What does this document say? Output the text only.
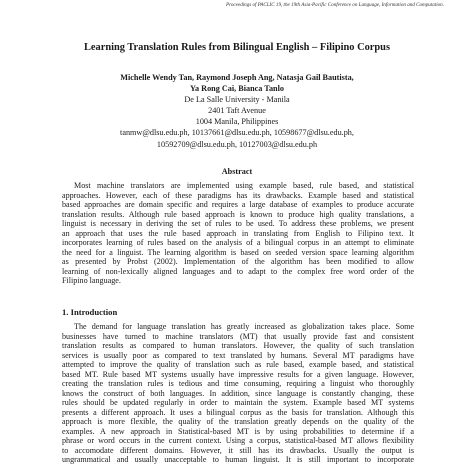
Proceedings of PACLIC 19, the 19th Asia-Pacific Conference on Language, Information and Computation.
Learning Translation Rules from Bilingual English – Filipino Corpus
Michelle Wendy Tan, Raymond Joseph Ang, Natasja Gail Bautista,
Ya Rong Cai, Bianca Tanlo
De La Salle University - Manila
2401 Taft Avenue
1004 Manila, Philippines
tanmw@dlsu.edu.ph, 10137661@dlsu.edu.ph, 10598677@dlsu.edu.ph,
10592709@dlsu.edu.ph, 10127003@dlsu.edu.ph
Abstract
Most machine translators are implemented using example based, rule based, and statistical
approaches. However, each of these paradigms has its drawbacks. Example based and statistical
based approaches are domain specific and requires a large database of examples to produce accurate
translation results. Although rule based approach is known to produce high quality translations, a
linguist is necessary in deriving the set of rules to be used. To address these problems, we present
an approach that uses the rule based approach in translating from English to Filipino text. It
incorporates learning of rules based on the analysis of a bilingual corpus in an attempt to eliminate
the need for a linguist. The learning algorithm is based on seeded version space learning algorithm
as presented by Probst (2002). Implementation of the algorithm has been modified to allow
learning of non-lexically aligned languages and to adapt to the complex free word order of the
Filipino language.
1. Introduction
The demand for language translation has greatly increased as globalization takes place. Some
businesses have turned to machine translators (MT) that usually provide fast and consistent
translation results as compared to human translators. However, the quality of such translation
services is usually poor as compared to text translated by humans. Several MT paradigms have
attempted to improve the quality of translation such as rule based, example based, and statistical
based MT. Rule based MT systems usually have impressive results for a given language. However,
creating the translation rules is tedious and time consuming, requiring a linguist who thoroughly
knows the construct of both languages. In addition, since language is constantly changing, these
rules should be updated regularly in order to maintain the system. Example based MT systems
presents a different approach. It uses a bilingual corpus as the basis for translation. Although this
approach is more flexible, the quality of the translation greatly depends on the quality of the
examples. A new approach in Statistical-based MT is by using probabilities to determine if a
phrase or word occurs in the current context. Using a corpus, statistical-based MT allows flexibility
to accomodate different domains. However, it still has its drawbacks. Usually the output is
ungrammatical and usually unacceptable to human linguist. It is still important to incorporate
